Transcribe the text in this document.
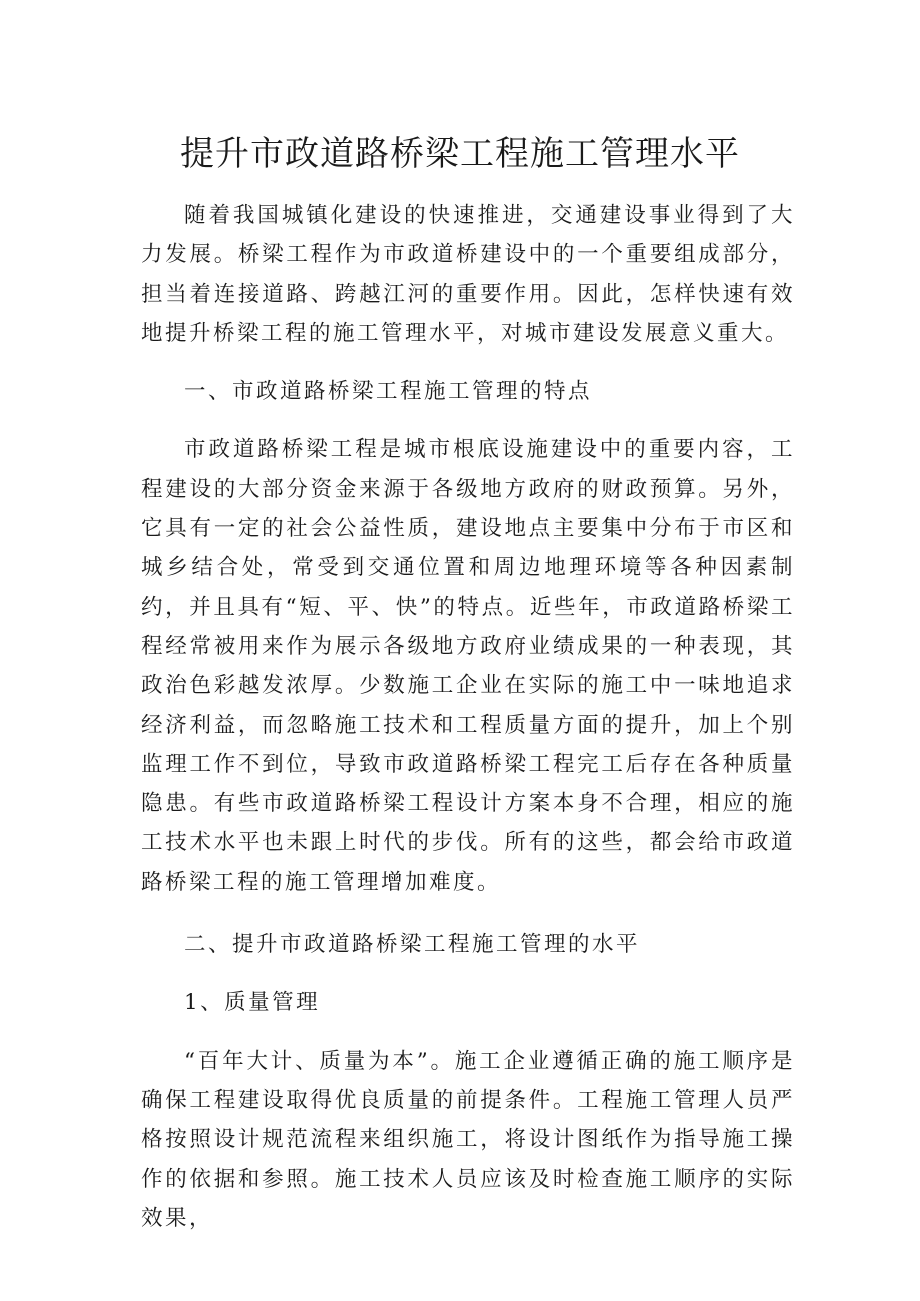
提升市政道路桥梁工程施工管理水平

随着我国城镇化建设的快速推进，交通建设事业得到了大力发展。桥梁工程作为市政道桥建设中的一个重要组成部分，担当着连接道路、跨越江河的重要作用。因此，怎样快速有效地提升桥梁工程的施工管理水平，对城市建设发展意义重大。

一、市政道路桥梁工程施工管理的特点

市政道路桥梁工程是城市根底设施建设中的重要内容，工程建设的大部分资金来源于各级地方政府的财政预算。另外，它具有一定的社会公益性质，建设地点主要集中分布于市区和城乡结合处，常受到交通位置和周边地理环境等各种因素制约，并且具有“短、平、快”的特点。近些年，市政道路桥梁工程经常被用来作为展示各级地方政府业绩成果的一种表现，其政治色彩越发浓厚。少数施工企业在实际的施工中一味地追求经济利益，而忽略施工技术和工程质量方面的提升，加上个别监理工作不到位，导致市政道路桥梁工程完工后存在各种质量隐患。有些市政道路桥梁工程设计方案本身不合理，相应的施工技术水平也未跟上时代的步伐。所有的这些，都会给市政道路桥梁工程的施工管理增加难度。

二、提升市政道路桥梁工程施工管理的水平

1、质量管理

“百年大计、质量为本”。施工企业遵循正确的施工顺序是确保工程建设取得优良质量的前提条件。工程施工管理人员严格按照设计规范流程来组织施工，将设计图纸作为指导施工操作的依据和参照。施工技术人员应该及时检查施工顺序的实际效果，
